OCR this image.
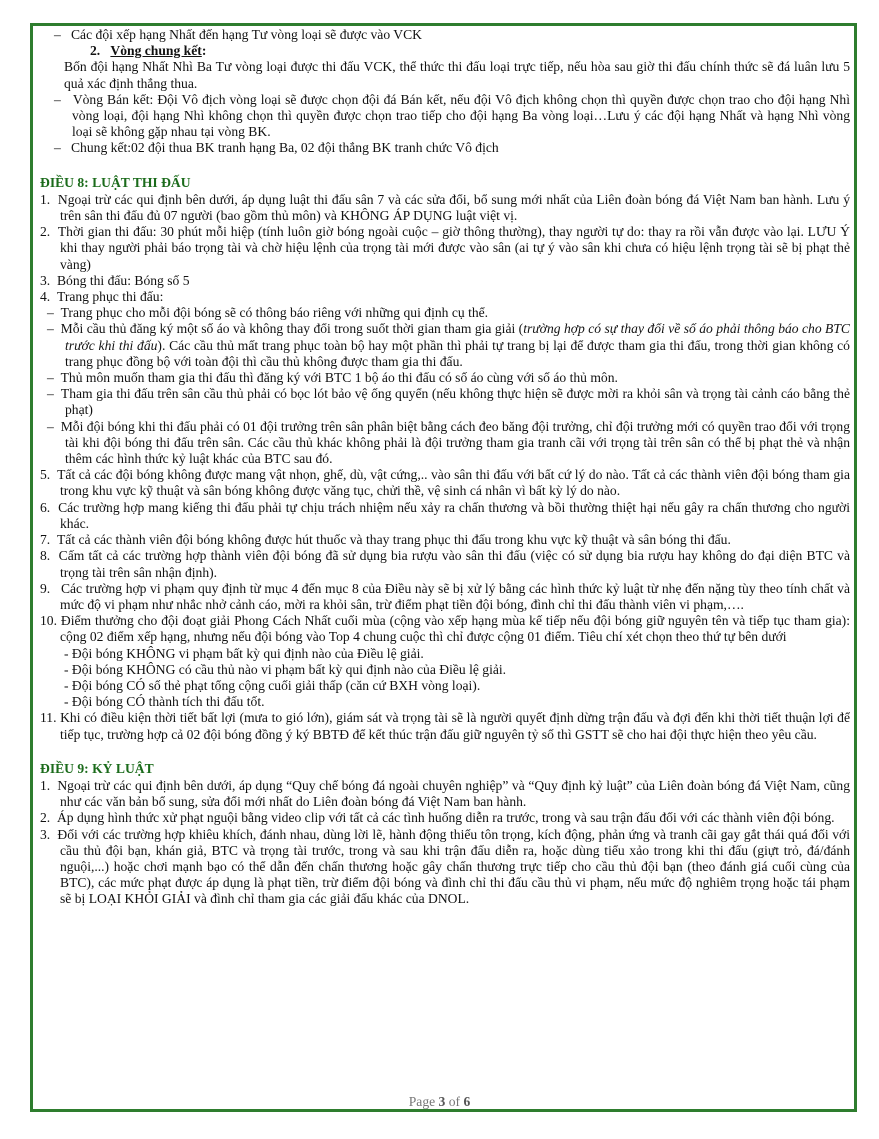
–   Các đội xếp hạng Nhất đến hạng Tư vòng loại sẽ được vào VCK
2. Vòng chung kết:
Bốn đội hạng Nhất Nhì Ba Tư vòng loại được thi đấu VCK, thể thức thi đấu loại trực tiếp, nếu hòa sau giờ thi đấu chính thức sẽ đá luân lưu 5 quả xác định thắng thua.
–   Vòng Bán kết: Đội Vô địch vòng loại sẽ được chọn đội đá Bán kết, nếu đội Vô địch không chọn thì quyền được chọn trao cho đội hạng Nhì vòng loại, đội hạng Nhì không chọn thì quyền được chọn trao tiếp cho đội hạng Ba vòng loại…Lưu ý các đội hạng Nhất và hạng Nhì vòng loại sẽ không gặp nhau tại vòng BK.
–   Chung kết:02 đội thua BK tranh hạng Ba, 02 đội thắng BK tranh chức Vô địch
ĐIỀU 8: LUẬT THI ĐẤU
1.  Ngoại trừ các qui định bên dưới, áp dụng luật thi đấu sân 7 và các sửa đổi, bổ sung mới nhất của Liên đoàn bóng đá Việt Nam ban hành. Lưu ý trên sân thi đấu đủ 07 người (bao gồm thủ môn) và KHÔNG ÁP DỤNG luật việt vị.
2.  Thời gian thi đấu: 30 phút mỗi hiệp (tính luôn giờ bóng ngoài cuộc – giờ thông thường), thay người tự do: thay ra rồi vẫn được vào lại. LƯU Ý khi thay người phải báo trọng tài và chờ hiệu lệnh của trọng tài mới được vào sân (ai tự ý vào sân khi chưa có hiệu lệnh trọng tài sẽ bị phạt thẻ vàng)
3.  Bóng thi đấu: Bóng số 5
4.  Trang phục thi đấu:
–  Trang phục cho mỗi đội bóng sẽ có thông báo riêng với những qui định cụ thể.
–  Mỗi cầu thủ đăng ký một số áo và không thay đổi trong suốt thời gian tham gia giải (trường hợp có sự thay đổi về số áo phải thông báo cho BTC trước khi thi đấu). Các cầu thủ mất trang phục toàn bộ hay một phần thì phải tự trang bị lại để được tham gia thi đấu, trong thời gian không có trang phục đồng bộ với toàn đội thì cầu thủ không được tham gia thi đấu.
–  Thủ môn muốn tham gia thi đấu thì đăng ký với BTC 1 bộ áo thi đấu có số áo cùng với số áo thủ môn.
–  Tham gia thi đấu trên sân cầu thủ phải có bọc lót bảo vệ ống quyển (nếu không thực hiện sẽ được mời ra khỏi sân và trọng tài cảnh cáo bằng thẻ phạt)
–  Mỗi đội bóng khi thi đấu phải có 01 đội trưởng trên sân phân biệt bằng cách đeo băng đội trưởng, chỉ đội trưởng mới có quyền trao đổi với trọng tài khi đội bóng thi đấu trên sân. Các cầu thủ khác không phải là đội trưởng tham gia tranh cãi với trọng tài trên sân có thể bị phạt thẻ và nhận thêm các hình thức kỷ luật khác của BTC sau đó.
5.  Tất cả các đội bóng không được mang vật nhọn, ghế, dù, vật cứng,.. vào sân thi đấu với bất cứ lý do nào. Tất cả các thành viên đội bóng tham gia trong khu vực kỹ thuật và sân bóng không được văng tục, chửi thề, vệ sinh cá nhân vì bất kỳ lý do nào.
6.  Các trường hợp mang kiếng thi đấu phải tự chịu trách nhiệm nếu xảy ra chấn thương và bồi thường thiệt hại nếu gây ra chấn thương cho người khác.
7.  Tất cả các thành viên đội bóng không được hút thuốc và thay trang phục thi đấu trong khu vực kỹ thuật và sân bóng thi đấu.
8.  Cấm tất cả các trường hợp thành viên đội bóng đã sử dụng bia rượu vào sân thi đấu (việc có sử dụng bia rượu hay không do đại diện BTC và trọng tài trên sân nhận định).
9.   Các trường hợp vi phạm quy định từ mục 4 đến mục 8 của Điều này sẽ bị xử lý bằng các hình thức kỷ luật từ nhẹ đến nặng tùy theo tính chất và mức độ vi phạm như nhắc nhở cảnh cáo, mời ra khỏi sân, trừ điểm phạt tiền đội bóng, đình chỉ thi đấu thành viên vi phạm,….
10. Điểm thưởng cho đội đoạt giải Phong Cách Nhất cuối mùa (cộng vào xếp hạng mùa kế tiếp nếu đội bóng giữ nguyên tên và tiếp tục tham gia): cộng 02 điểm xếp hạng, nhưng nếu đội bóng vào Top 4 chung cuộc thì chỉ được cộng 01 điểm. Tiêu chí xét chọn theo thứ tự bên dưới
- Đội bóng KHÔNG vi phạm bất kỳ qui định nào của Điều lệ giải.
- Đội bóng KHÔNG có cầu thủ nào vi phạm bất kỳ qui định nào của Điều lệ giải.
- Đội bóng CÓ số thẻ phạt tổng cộng cuối giải thấp (căn cứ BXH vòng loại).
- Đội bóng CÓ thành tích thi đấu tốt.
11. Khi có điều kiện thời tiết bất lợi (mưa to gió lớn), giám sát và trọng tài sẽ là người quyết định dừng trận đấu và đợi đến khi thời tiết thuận lợi để tiếp tục, trường hợp cả 02 đội bóng đồng ý ký BBTĐ để kết thúc trận đấu giữ nguyên tỷ số thì GSTT sẽ cho hai đội thực hiện theo yêu cầu.
ĐIỀU 9: KỶ LUẬT
1.  Ngoại trừ các qui định bên dưới, áp dụng “Quy chế bóng đá ngoài chuyên nghiệp” và “Quy định kỷ luật” của Liên đoàn bóng đá Việt Nam, cũng như các văn bản bổ sung, sửa đổi mới nhất do Liên đoàn bóng đá Việt Nam ban hành.
2.  Áp dụng hình thức xử phạt nguội bằng video clip với tất cả các tình huống diễn ra trước, trong và sau trận đấu đối với các thành viên đội bóng.
3.  Đối với các trường hợp khiêu khích, đánh nhau, dùng lời lẽ, hành động thiếu tôn trọng, kích động, phản ứng và tranh cãi gay gắt thái quá đối với cầu thủ đội bạn, khán giả, BTC và trọng tài trước, trong và sau khi trận đấu diễn ra, hoặc dùng tiểu xảo trong khi thi đấu (giựt trỏ, đá/đánh nguội,...) hoặc chơi mạnh bạo có thể dẫn đến chấn thương hoặc gây chấn thương trực tiếp cho cầu thủ đội bạn (theo đánh giá cuối cùng của BTC), các mức phạt được áp dụng là phạt tiền, trừ điểm đội bóng và đình chỉ thi đấu cầu thủ vi phạm, nếu mức độ nghiêm trọng hoặc tái phạm sẽ bị LOẠI KHỎI GIẢI và đình chỉ tham gia các giải đấu khác của DNOL.
Page 3 of 6
